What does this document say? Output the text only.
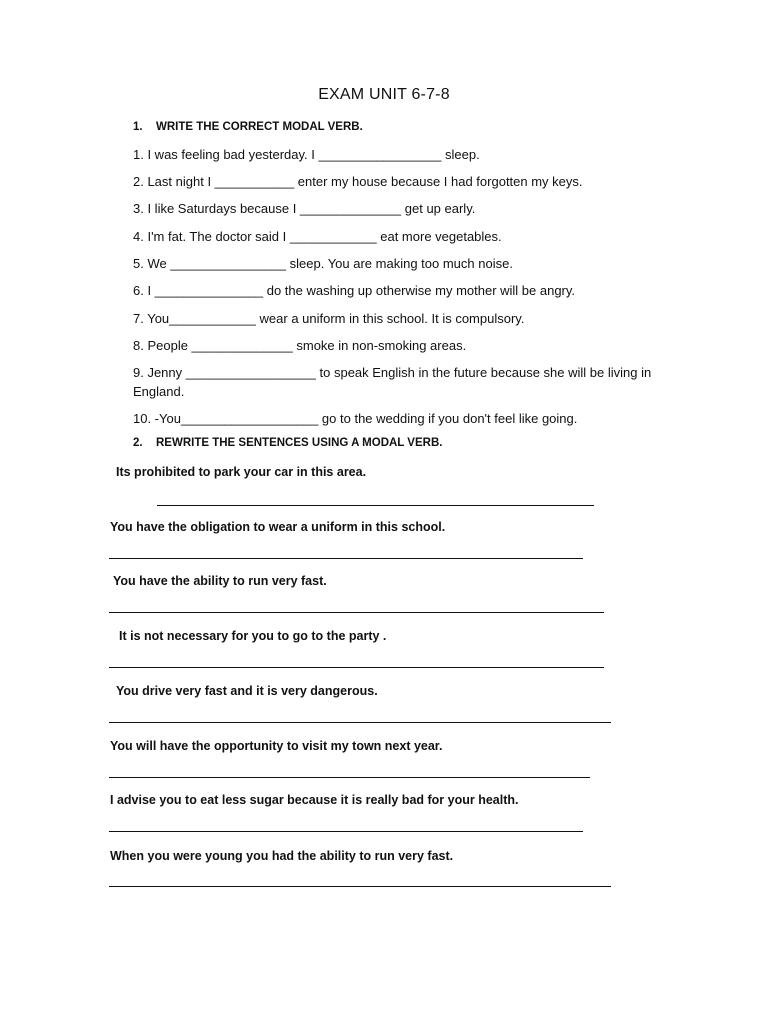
EXAM UNIT 6-7-8
1. WRITE THE CORRECT MODAL VERB.
1. I was feeling bad yesterday. I _________________ sleep.
2. Last night I ___________ enter my house because I had forgotten my keys.
3. I like Saturdays because I ______________ get up early.
4. I'm fat. The doctor said I ____________ eat more vegetables.
5. We ________________ sleep. You are making too much noise.
6. I _______________ do the washing up otherwise my mother will be angry.
7. You____________ wear a uniform in this school. It is compulsory.
8. People ______________ smoke in non-smoking areas.
9. Jenny __________________ to speak English in the future because she will be living in England.
10. -You___________________ go to the wedding if you don't feel like going.
2. REWRITE THE SENTENCES USING A MODAL VERB.
Its prohibited to park your car in this area.
You have the obligation to wear a uniform in this school.
You have the ability to run very fast.
It is not necessary for you to go to the party .
You drive very fast and it is very dangerous.
You will have the opportunity to visit my town next year.
I advise you to eat less sugar because it is really bad for your health.
When you were young you had the ability to run very fast.
